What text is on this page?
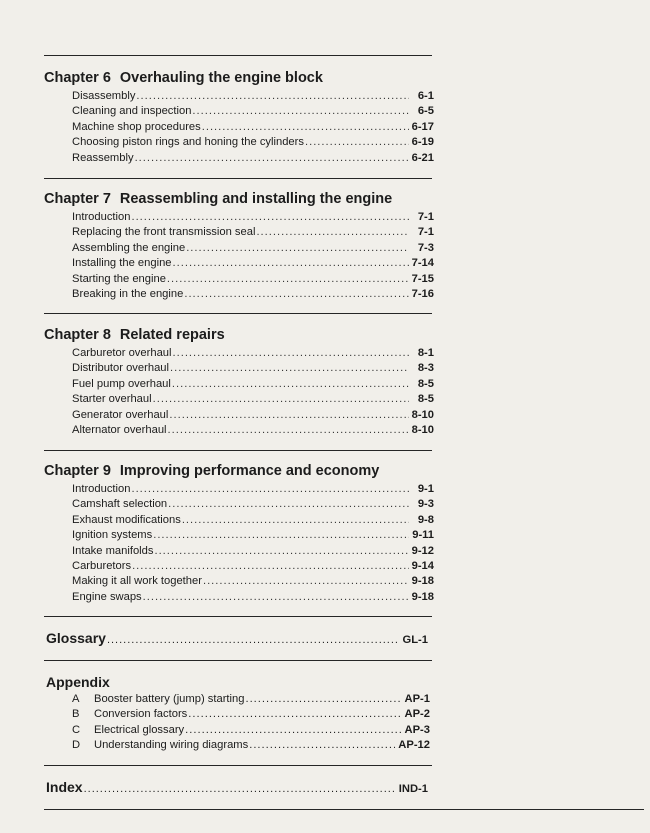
Chapter 6 Overhauling the engine block
Disassembly .....	6-1
Cleaning and inspection .....	6-5
Machine shop procedures .....	6-17
Choosing piston rings and honing the cylinders .....	6-19
Reassembly .....	6-21
Chapter 7 Reassembling and installing the engine
Introduction .....	7-1
Replacing the front transmission seal .....	7-1
Assembling the engine .....	7-3
Installing the engine .....	7-14
Starting the engine .....	7-15
Breaking in the engine .....	7-16
Chapter 8 Related repairs
Carburetor overhaul .....	8-1
Distributor overhaul .....	8-3
Fuel pump overhaul .....	8-5
Starter overhaul .....	8-5
Generator overhaul .....	8-10
Alternator overhaul .....	8-10
Chapter 9 Improving performance and economy
Introduction .....	9-1
Camshaft selection .....	9-3
Exhaust modifications .....	9-8
Ignition systems .....	9-11
Intake manifolds .....	9-12
Carburetors .....	9-14
Making it all work together .....	9-18
Engine swaps .....	9-18
Glossary .....	GL-1
Appendix
A	Booster battery (jump) starting .....	AP-1
B	Conversion factors .....	AP-2
C	Electrical glossary .....	AP-3
D	Understanding wiring diagrams .....	AP-12
Index .....	IND-1
